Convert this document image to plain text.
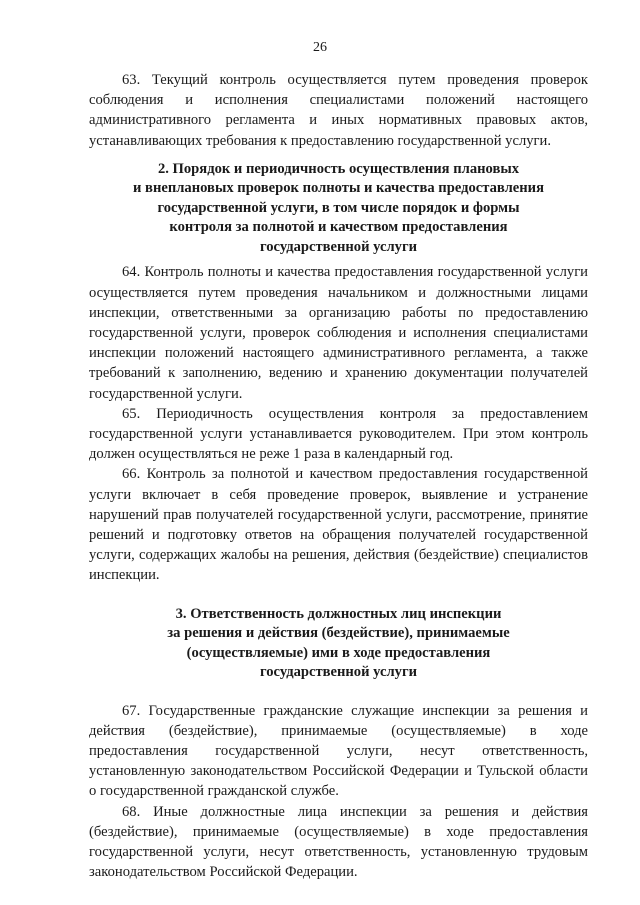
26

63. Текущий контроль осуществляется путем проведения проверок соблюдения и исполнения специалистами положений настоящего административного регламента и иных нормативных правовых актов, устанавливающих требования к предоставлению государственной услуги.

2. Порядок и периодичность осуществления плановых
и внеплановых проверок полноты и качества предоставления
государственной услуги, в том числе порядок и формы
контроля за полнотой и качеством предоставления
государственной услуги

64. Контроль полноты и качества предоставления государственной услуги осуществляется путем проведения начальником и должностными лицами инспекции, ответственными за организацию работы по предоставлению государственной услуги, проверок соблюдения и исполнения специалистами инспекции положений настоящего административного регламента, а также требований к заполнению, ведению и хранению документации получателей государственной услуги.

65. Периодичность осуществления контроля за предоставлением государственной услуги устанавливается руководителем. При этом контроль должен осуществляться не реже 1 раза в календарный год.

66. Контроль за полнотой и качеством предоставления государственной услуги включает в себя проведение проверок, выявление и устранение нарушений прав получателей государственной услуги, рассмотрение, принятие решений и подготовку ответов на обращения получателей государственной услуги, содержащих жалобы на решения, действия (бездействие) специалистов инспекции.

3. Ответственность должностных лиц инспекции
за решения и действия (бездействие), принимаемые
(осуществляемые) ими в ходе предоставления
государственной услуги

67. Государственные гражданские служащие инспекции за решения и действия (бездействие), принимаемые (осуществляемые) в ходе предоставления государственной услуги, несут ответственность, установленную законодательством Российской Федерации и Тульской области о государственной гражданской службе.

68. Иные должностные лица инспекции за решения и действия (бездействие), принимаемые (осуществляемые) в ходе предоставления государственной услуги, несут ответственность, установленную трудовым законодательством Российской Федерации.
